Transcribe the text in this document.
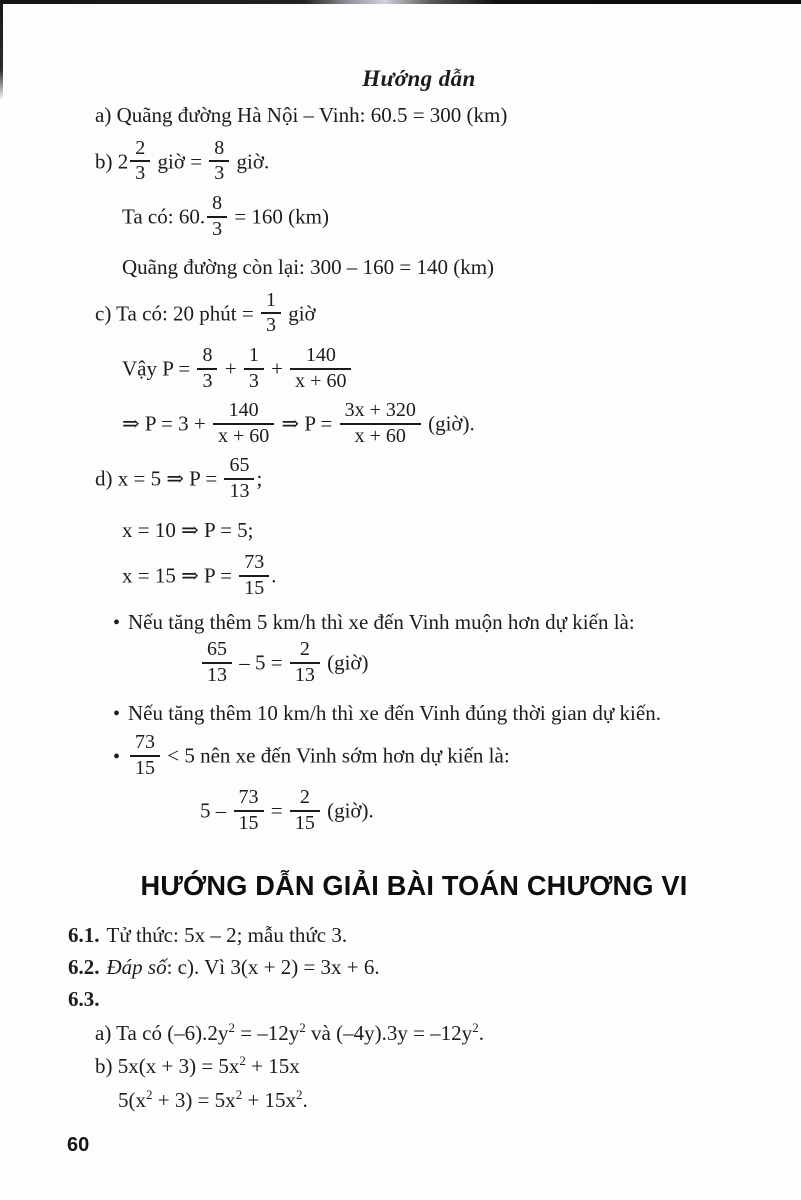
Hướng dẫn
a) Quãng đường Hà Nội – Vinh: 60.5 = 300 (km)
b) $2 \frac{2}{3}$ giờ = $\frac{8}{3}$ giờ.
Ta có: 60. $\frac{8}{3} = 160$ (km)
Quãng đường còn lại: 300 – 160 = 140 (km)
c) Ta có: 20 phút = $\frac{1}{3}$ giờ
Vậy $P = \frac{8}{3} + \frac{1}{3} + \frac{140}{x + 60}$
⇒ $P = 3 + \frac{140}{x + 60}$ ⇒ $P = \frac{3x + 320}{x + 60}$ (giờ).
d) x = 5 ⇒ $P = \frac{65}{13}$ ;
x = 10 ⇒ P = 5;
x = 15 ⇒ $P = \frac{73}{15}$ .
• Nếu tăng thêm 5 km/h thì xe đến Vinh muộn hơn dự kiến là:
$\frac{65}{13} - 5 = \frac{2}{13}$ (giờ)
• Nếu tăng thêm 10 km/h thì xe đến Vinh đúng thời gian dự kiến.
• $\frac{73}{15} < 5$ nên xe đến Vinh sớm hơn dự kiến là:
$5 - \frac{73}{15} = \frac{2}{15}$ (giờ).
HƯỚNG DẪN GIẢI BÀI TOÁN CHƯƠNG VI
6.1. Tử thức: 5x – 2; mẫu thức 3.
6.2. Đáp số: c). Vì 3(x + 2) = 3x + 6.
6.3.
a) Ta có $(-6).2y^2 = -12y^2$ và $(-4y).3y = -12y^2$.
b) $5x(x + 3) = 5x^2 + 15x$
$5(x^2 + 3) = 5x^2 + 15x^2$.
60
